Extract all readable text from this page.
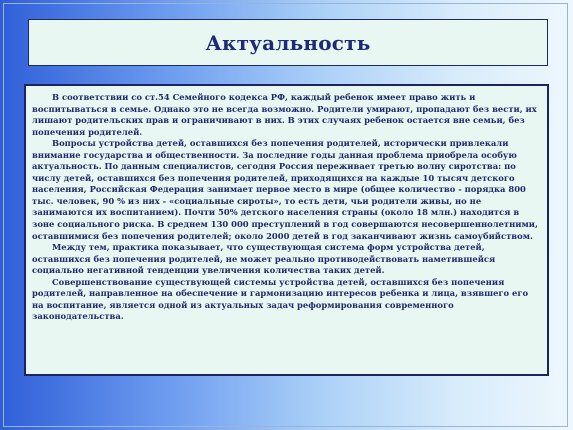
Актуальность

В соответствии со ст.54 Семейного кодекса РФ, каждый ребенок имеет право жить и воспитываться в семье. Однако это не всегда возможно. Родители умирают, пропадают без вести, их лишают родительских прав и ограничивают в них. В этих случаях ребенок остается вне семьи, без попечения родителей.

Вопросы устройства детей, оставшихся без попечения родителей, исторически привлекали внимание государства и общественности. За последние годы данная проблема приобрела особую актуальность. По данным специалистов, сегодня Россия переживает третью волну сиротства: по числу детей, оставшихся без попечения родителей, приходящихся на каждые 10 тысяч детского населения, Российская Федерация занимает первое место в мире (общее количество - порядка 800 тыс. человек, 90 % из них - «социальные сироты», то есть дети, чьи родители живы, но не занимаются их воспитанием). Почти 50% детского населения страны (около 18 млн.) находится в зоне социального риска. В среднем 130 000 преступлений в год совершаются несовершеннолетними, оставшимися без попечения родителей; около 2000 детей в год заканчивают жизнь самоубийством.

Между тем, практика показывает, что существующая система форм устройства детей, оставшихся без попечения родителей, не может реально противодействовать наметившейся социально негативной тенденции увеличения количества таких детей.

Совершенствование существующей системы устройства детей, оставшихся без попечения родителей, направленное на обеспечение и гармонизацию интересов ребенка и лица, взявшего его на воспитание, является одной из актуальных задач реформирования современного законодательства.
